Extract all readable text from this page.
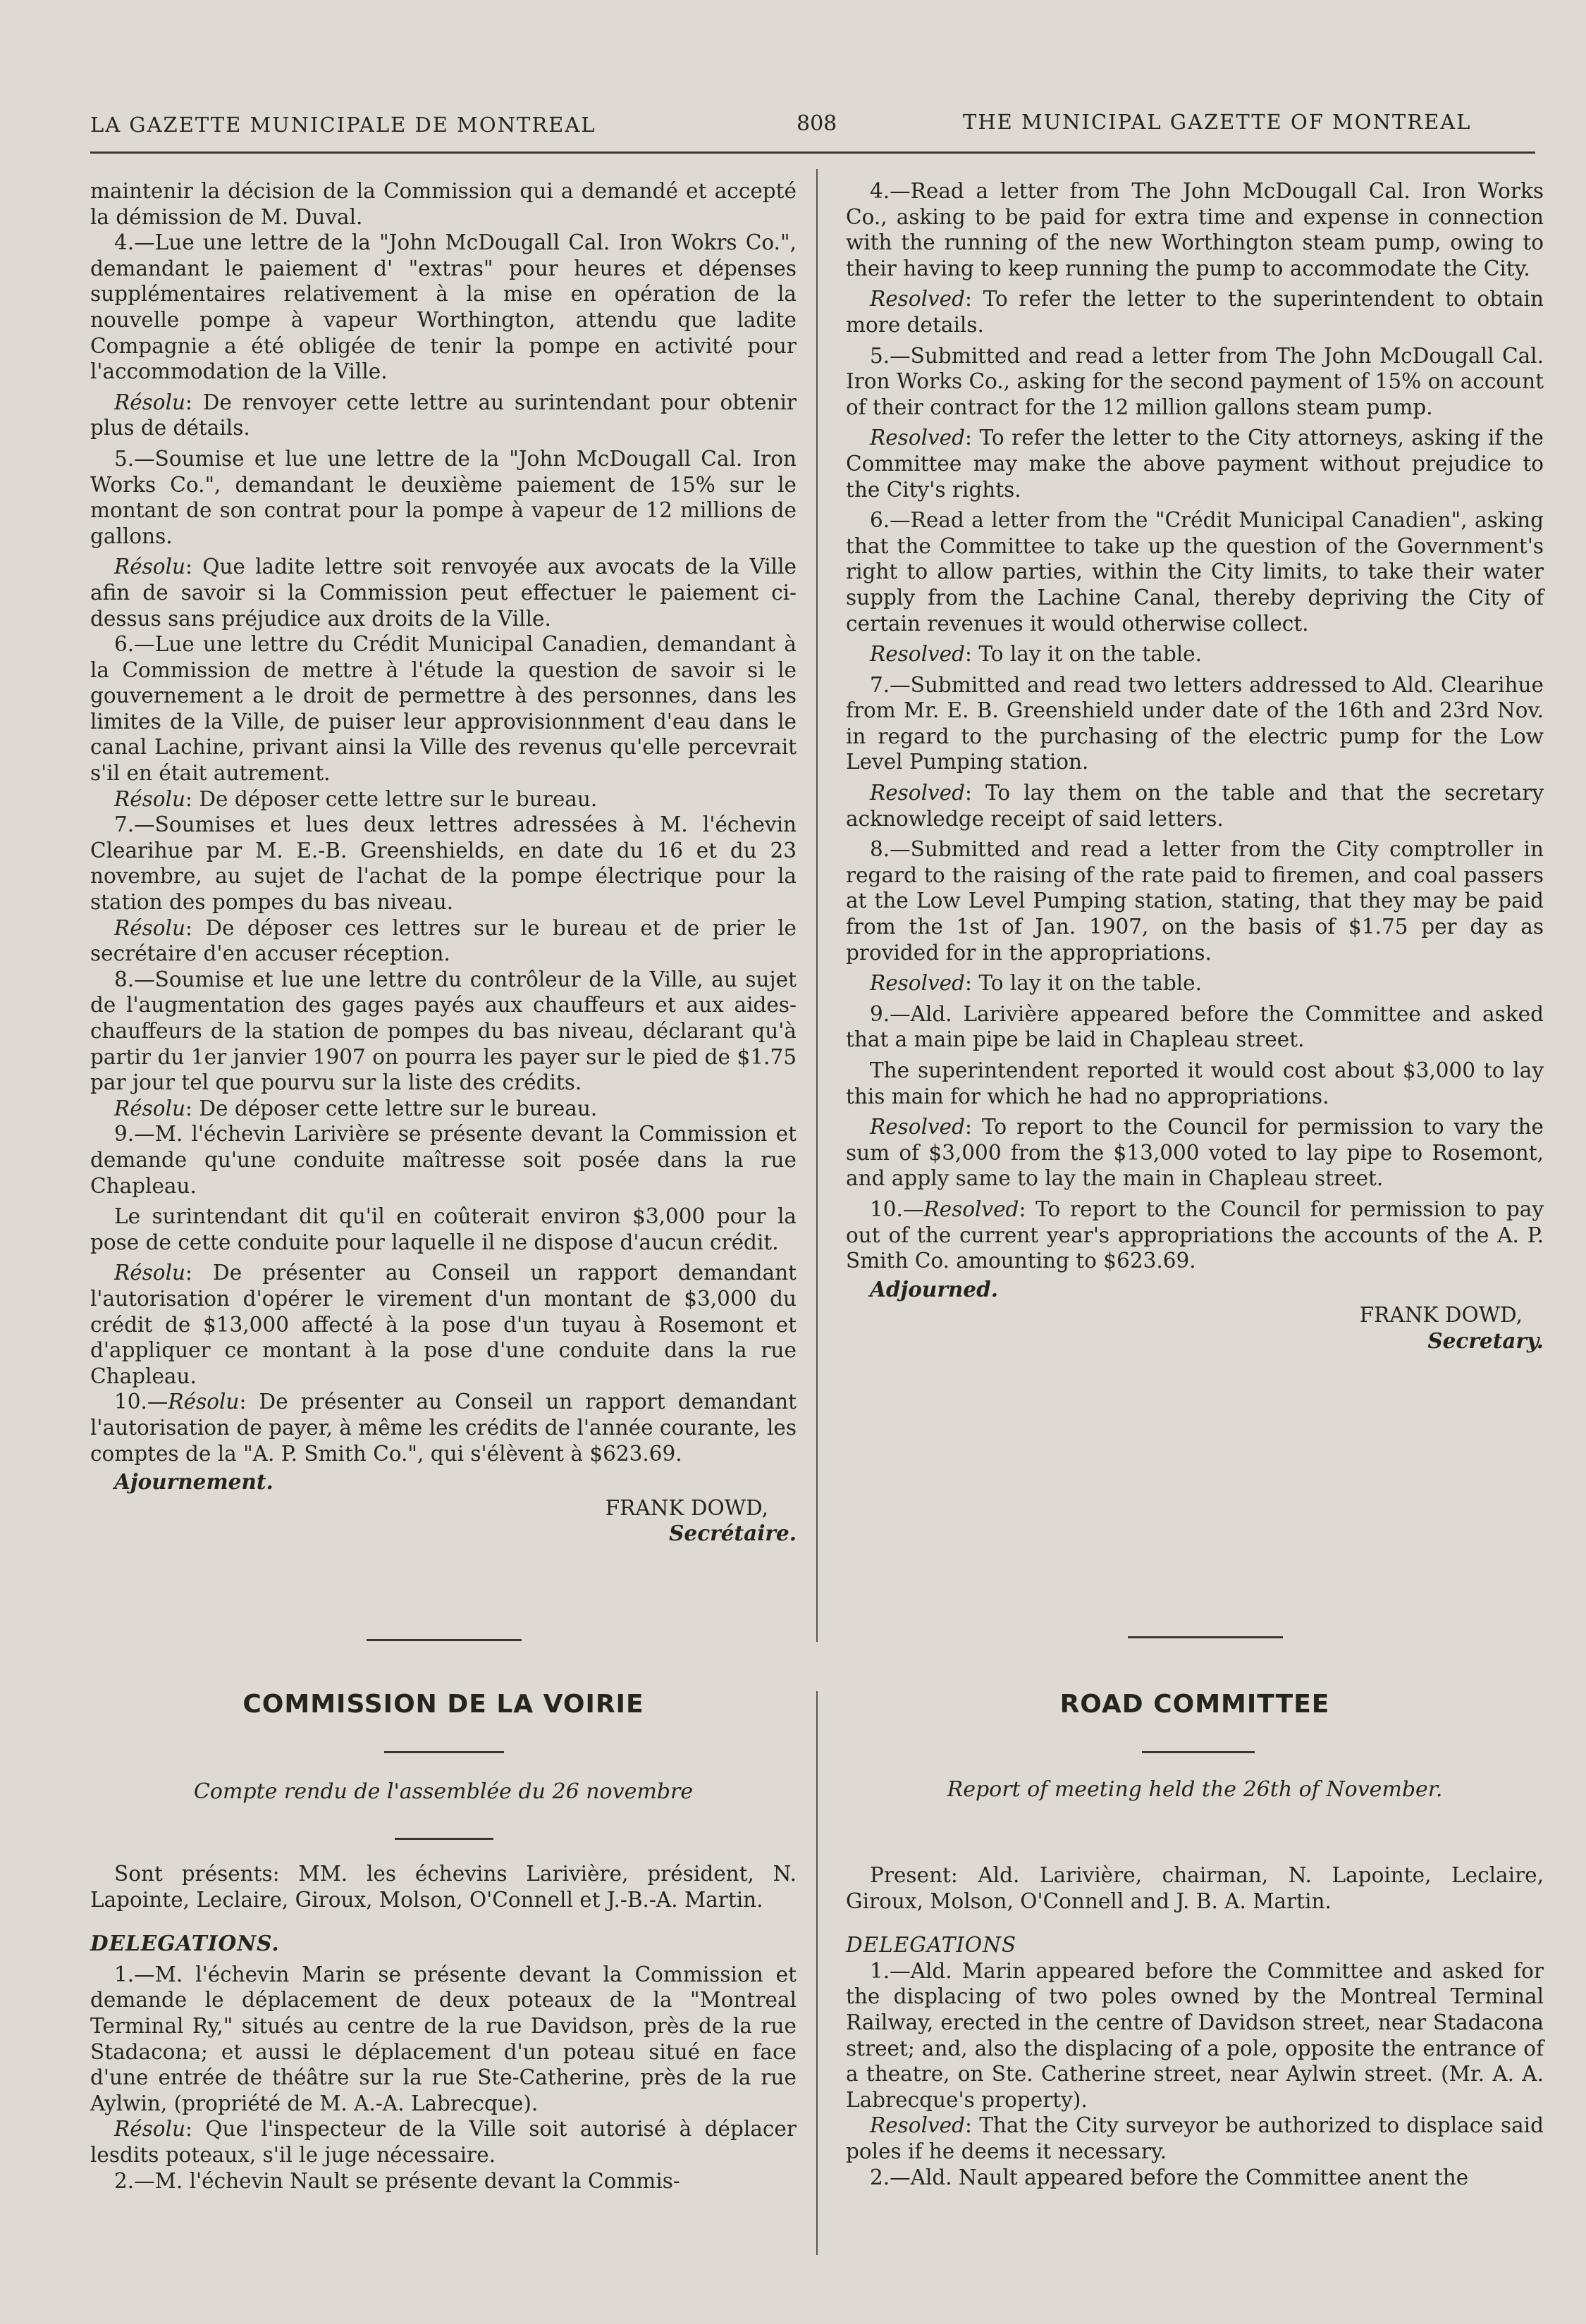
LA GAZETTE MUNICIPALE DE MONTREAL	808	THE MUNICIPAL GAZETTE OF MONTREAL

maintenir la décision de la Commission qui a demandé et accepté la démission de M. Duval.

4.—Lue une lettre de la "John McDougall Cal. Iron Wokrs Co.", demandant le paiement d' "extras" pour heures et dépenses supplémentaires relativement à la mise en opération de la nouvelle pompe à vapeur Worthington, attendu que ladite Compagnie a été obligée de tenir la pompe en activité pour l'accommodation de la Ville.

Résolu: De renvoyer cette lettre au surintendant pour obtenir plus de détails.

5.—Soumise et lue une lettre de la "John McDougall Cal. Iron Works Co.", demandant le deuxième paiement de 15% sur le montant de son contrat pour la pompe à vapeur de 12 millions de gallons.

Résolu: Que ladite lettre soit renvoyée aux avocats de la Ville afin de savoir si la Commission peut effectuer le paiement ci-dessus sans préjudice aux droits de la Ville.

6.—Lue une lettre du Crédit Municipal Canadien, demandant à la Commission de mettre à l'étude la question de savoir si le gouvernement a le droit de permettre à des personnes, dans les limites de la Ville, de puiser leur approvisionnment d'eau dans le canal Lachine, privant ainsi la Ville des revenus qu'elle percevrait s'il en était autrement.

Résolu: De déposer cette lettre sur le bureau.

7.—Soumises et lues deux lettres adressées à M. l'échevin Clearihue par M. E.-B. Greenshields, en date du 16 et du 23 novembre, au sujet de l'achat de la pompe électrique pour la station des pompes du bas niveau.

Résolu: De déposer ces lettres sur le bureau et de prier le secrétaire d'en accuser réception.

8.—Soumise et lue une lettre du contrôleur de la Ville, au sujet de l'augmentation des gages payés aux chauffeurs et aux aides-chauffeurs de la station de pompes du bas niveau, déclarant qu'à partir du 1er janvier 1907 on pourra les payer sur le pied de $1.75 par jour tel que pourvu sur la liste des crédits.

Résolu: De déposer cette lettre sur le bureau.

9.—M. l'échevin Larivière se présente devant la Commission et demande qu'une conduite maîtresse soit posée dans la rue Chapleau.

Le surintendant dit qu'il en coûterait environ $3,000 pour la pose de cette conduite pour laquelle il ne dispose d'aucun crédit.

Résolu: De présenter au Conseil un rapport demandant l'autorisation d'opérer le virement d'un montant de $3,000 du crédit de $13,000 affecté à la pose d'un tuyau à Rosemont et d'appliquer ce montant à la pose d'une conduite dans la rue Chapleau.

10.—Résolu: De présenter au Conseil un rapport demandant l'autorisation de payer, à même les crédits de l'année courante, les comptes de la "A. P. Smith Co.", qui s'élèvent à $623.69.

Ajournement.

FRANK DOWD,

Secrétaire.

4.—Read a letter from The John McDougall Cal. Iron Works Co., asking to be paid for extra time and expense in connection with the running of the new Worthington steam pump, owing to their having to keep running the pump to accommodate the City.

Resolved: To refer the letter to the superintendent to obtain more details.

5.—Submitted and read a letter from The John McDougall Cal. Iron Works Co., asking for the second payment of 15% on account of their contract for the 12 million gallons steam pump.

Resolved: To refer the letter to the City attorneys, asking if the Committee may make the above payment without prejudice to the City's rights.

6.—Read a letter from the "Crédit Municipal Canadien", asking that the Committee to take up the question of the Government's right to allow parties, within the City limits, to take their water supply from the Lachine Canal, thereby depriving the City of certain revenues it would otherwise collect.

Resolved: To lay it on the table.

7.—Submitted and read two letters addressed to Ald. Clearihue from Mr. E. B. Greenshield under date of the 16th and 23rd Nov. in regard to the purchasing of the electric pump for the Low Level Pumping station.

Resolved: To lay them on the table and that the secretary acknowledge receipt of said letters.

8.—Submitted and read a letter from the City comptroller in regard to the raising of the rate paid to firemen, and coal passers at the Low Level Pumping station, stating, that they may be paid from the 1st of Jan. 1907, on the basis of $1.75 per day as provided for in the appropriations.

Resolved: To lay it on the table.

9.—Ald. Larivière appeared before the Committee and asked that a main pipe be laid in Chapleau street.

The superintendent reported it would cost about $3,000 to lay this main for which he had no appropriations.

Resolved: To report to the Council for permission to vary the sum of $3,000 from the $13,000 voted to lay pipe to Rosemont, and apply same to lay the main in Chapleau street.

10.—Resolved: To report to the Council for permission to pay out of the current year's appropriations the accounts of the A. P. Smith Co. amounting to $623.69.

Adjourned.

FRANK DOWD,

Secretary.

COMMISSION DE LA VOIRIE
Compte rendu de l'assemblée du 26 novembre

Sont présents: MM. les échevins Larivière, président, N. Lapointe, Leclaire, Giroux, Molson, O'Connell et J.-B.-A. Martin.

DELEGATIONS.

1.—M. l'échevin Marin se présente devant la Commission et demande le déplacement de deux poteaux de la "Montreal Terminal Ry," situés au centre de la rue Davidson, près de la rue Stadacona; et aussi le déplacement d'un poteau situé en face d'une entrée de théâtre sur la rue Ste-Catherine, près de la rue Aylwin, (propriété de M. A.-A. Labrecque).

Résolu: Que l'inspecteur de la Ville soit autorisé à déplacer lesdits poteaux, s'il le juge nécessaire.

2.—M. l'échevin Nault se présente devant la Commis-

ROAD COMMITTEE
Report of meeting held the 26th of November.

Present: Ald. Larivière, chairman, N. Lapointe, Leclaire, Giroux, Molson, O'Connell and J. B. A. Martin.

DELEGATIONS

1.—Ald. Marin appeared before the Committee and asked for the displacing of two poles owned by the Montreal Terminal Railway, erected in the centre of Davidson street, near Stadacona street; and, also the displacing of a pole, opposite the entrance of a theatre, on Ste. Catherine street, near Aylwin street. (Mr. A. A. Labrecque's property).

Resolved: That the City surveyor be authorized to displace said poles if he deems it necessary.

2.—Ald. Nault appeared before the Committee anent the
